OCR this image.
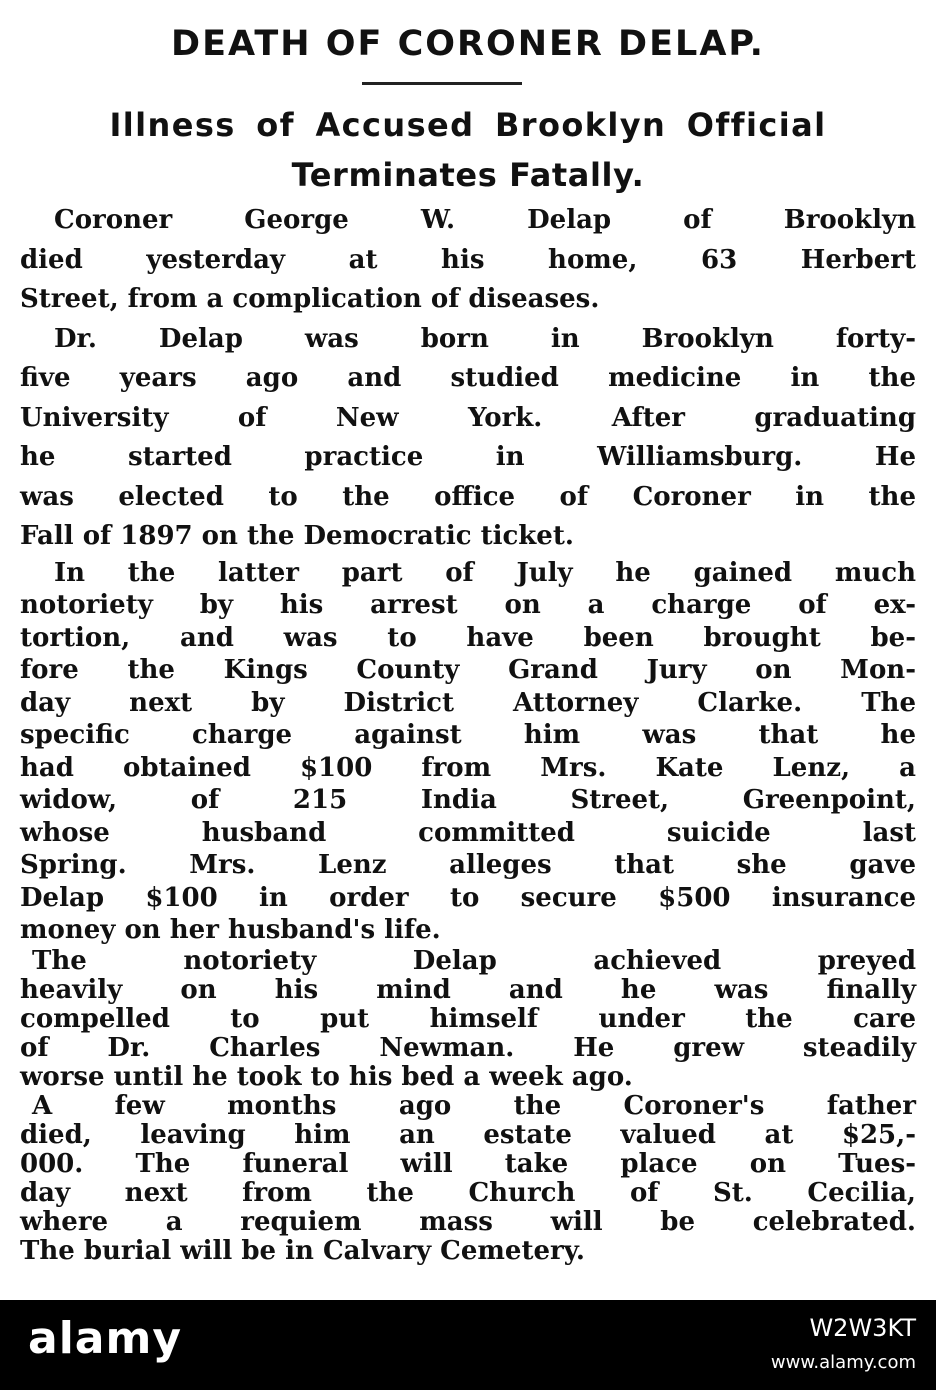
DEATH OF CORONER DELAP.
Illness of Accused Brooklyn Official
Terminates Fatally.
Coroner George W. Delap of Brooklyn
died yesterday at his home, 63 Herbert
Street, from a complication of diseases.
Dr. Delap was born in Brooklyn forty-
five years ago and studied medicine in the
University of New York. After graduating
he started practice in Williamsburg. He
was elected to the office of Coroner in the
Fall of 1897 on the Democratic ticket.
In the latter part of July he gained much
notoriety by his arrest on a charge of ex-
tortion, and was to have been brought be-
fore the Kings County Grand Jury on Mon-
day next by District Attorney Clarke. The
specific charge against him was that he
had obtained $100 from Mrs. Kate Lenz, a
widow, of 215 India Street, Greenpoint,
whose husband committed suicide last
Spring. Mrs. Lenz alleges that she gave
Delap $100 in order to secure $500 insurance
money on her husband's life.
The notoriety Delap achieved preyed
heavily on his mind and he was finally
compelled to put himself under the care
of Dr. Charles Newman. He grew steadily
worse until he took to his bed a week ago.
A few months ago the Coroner's father
died, leaving him an estate valued at $25,-
000. The funeral will take place on Tues-
day next from the Church of St. Cecilia,
where a requiem mass will be celebrated.
The burial will be in Calvary Cemetery.
alamy	W2W3KT
www.alamy.com
